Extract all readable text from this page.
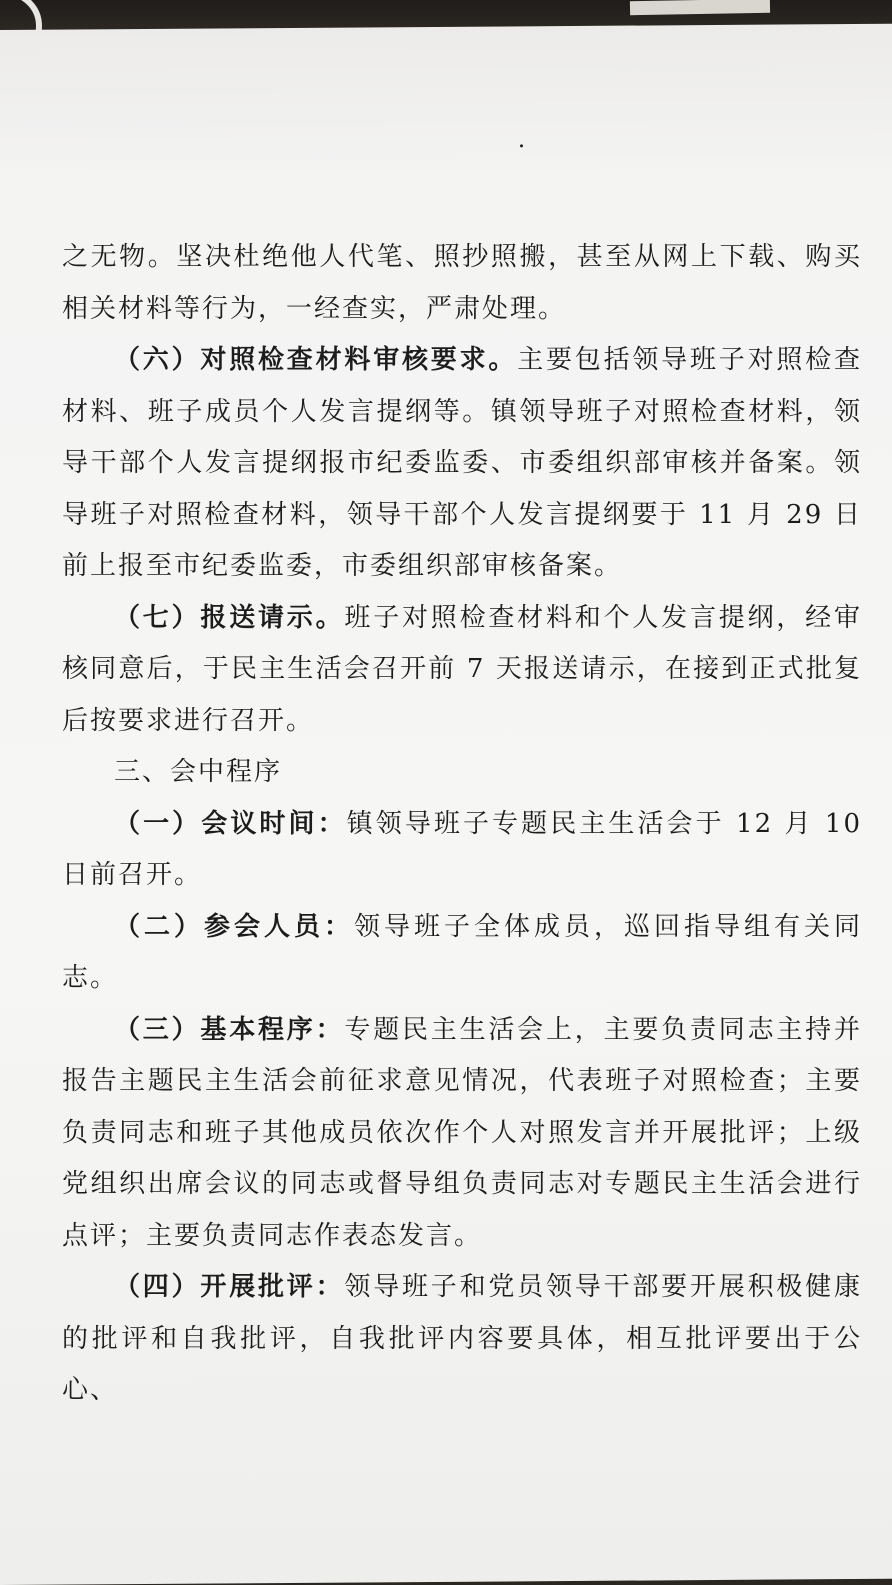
之无物。坚决杜绝他人代笔、照抄照搬，甚至从网上下载、购买相关材料等行为，一经查实，严肃处理。

（六）对照检查材料审核要求。主要包括领导班子对照检查材料、班子成员个人发言提纲等。镇领导班子对照检查材料，领导干部个人发言提纲报市纪委监委、市委组织部审核并备案。领导班子对照检查材料，领导干部个人发言提纲要于 11 月 29 日前上报至市纪委监委，市委组织部审核备案。

（七）报送请示。班子对照检查材料和个人发言提纲，经审核同意后，于民主生活会召开前 7 天报送请示，在接到正式批复后按要求进行召开。

三、会中程序

（一）会议时间：镇领导班子专题民主生活会于 12 月 10 日前召开。

（二）参会人员：领导班子全体成员，巡回指导组有关同志。

（三）基本程序：专题民主生活会上，主要负责同志主持并报告主题民主生活会前征求意见情况，代表班子对照检查；主要负责同志和班子其他成员依次作个人对照发言并开展批评；上级党组织出席会议的同志或督导组负责同志对专题民主生活会进行点评；主要负责同志作表态发言。

（四）开展批评：领导班子和党员领导干部要开展积极健康的批评和自我批评，自我批评内容要具体，相互批评要出于公心、
